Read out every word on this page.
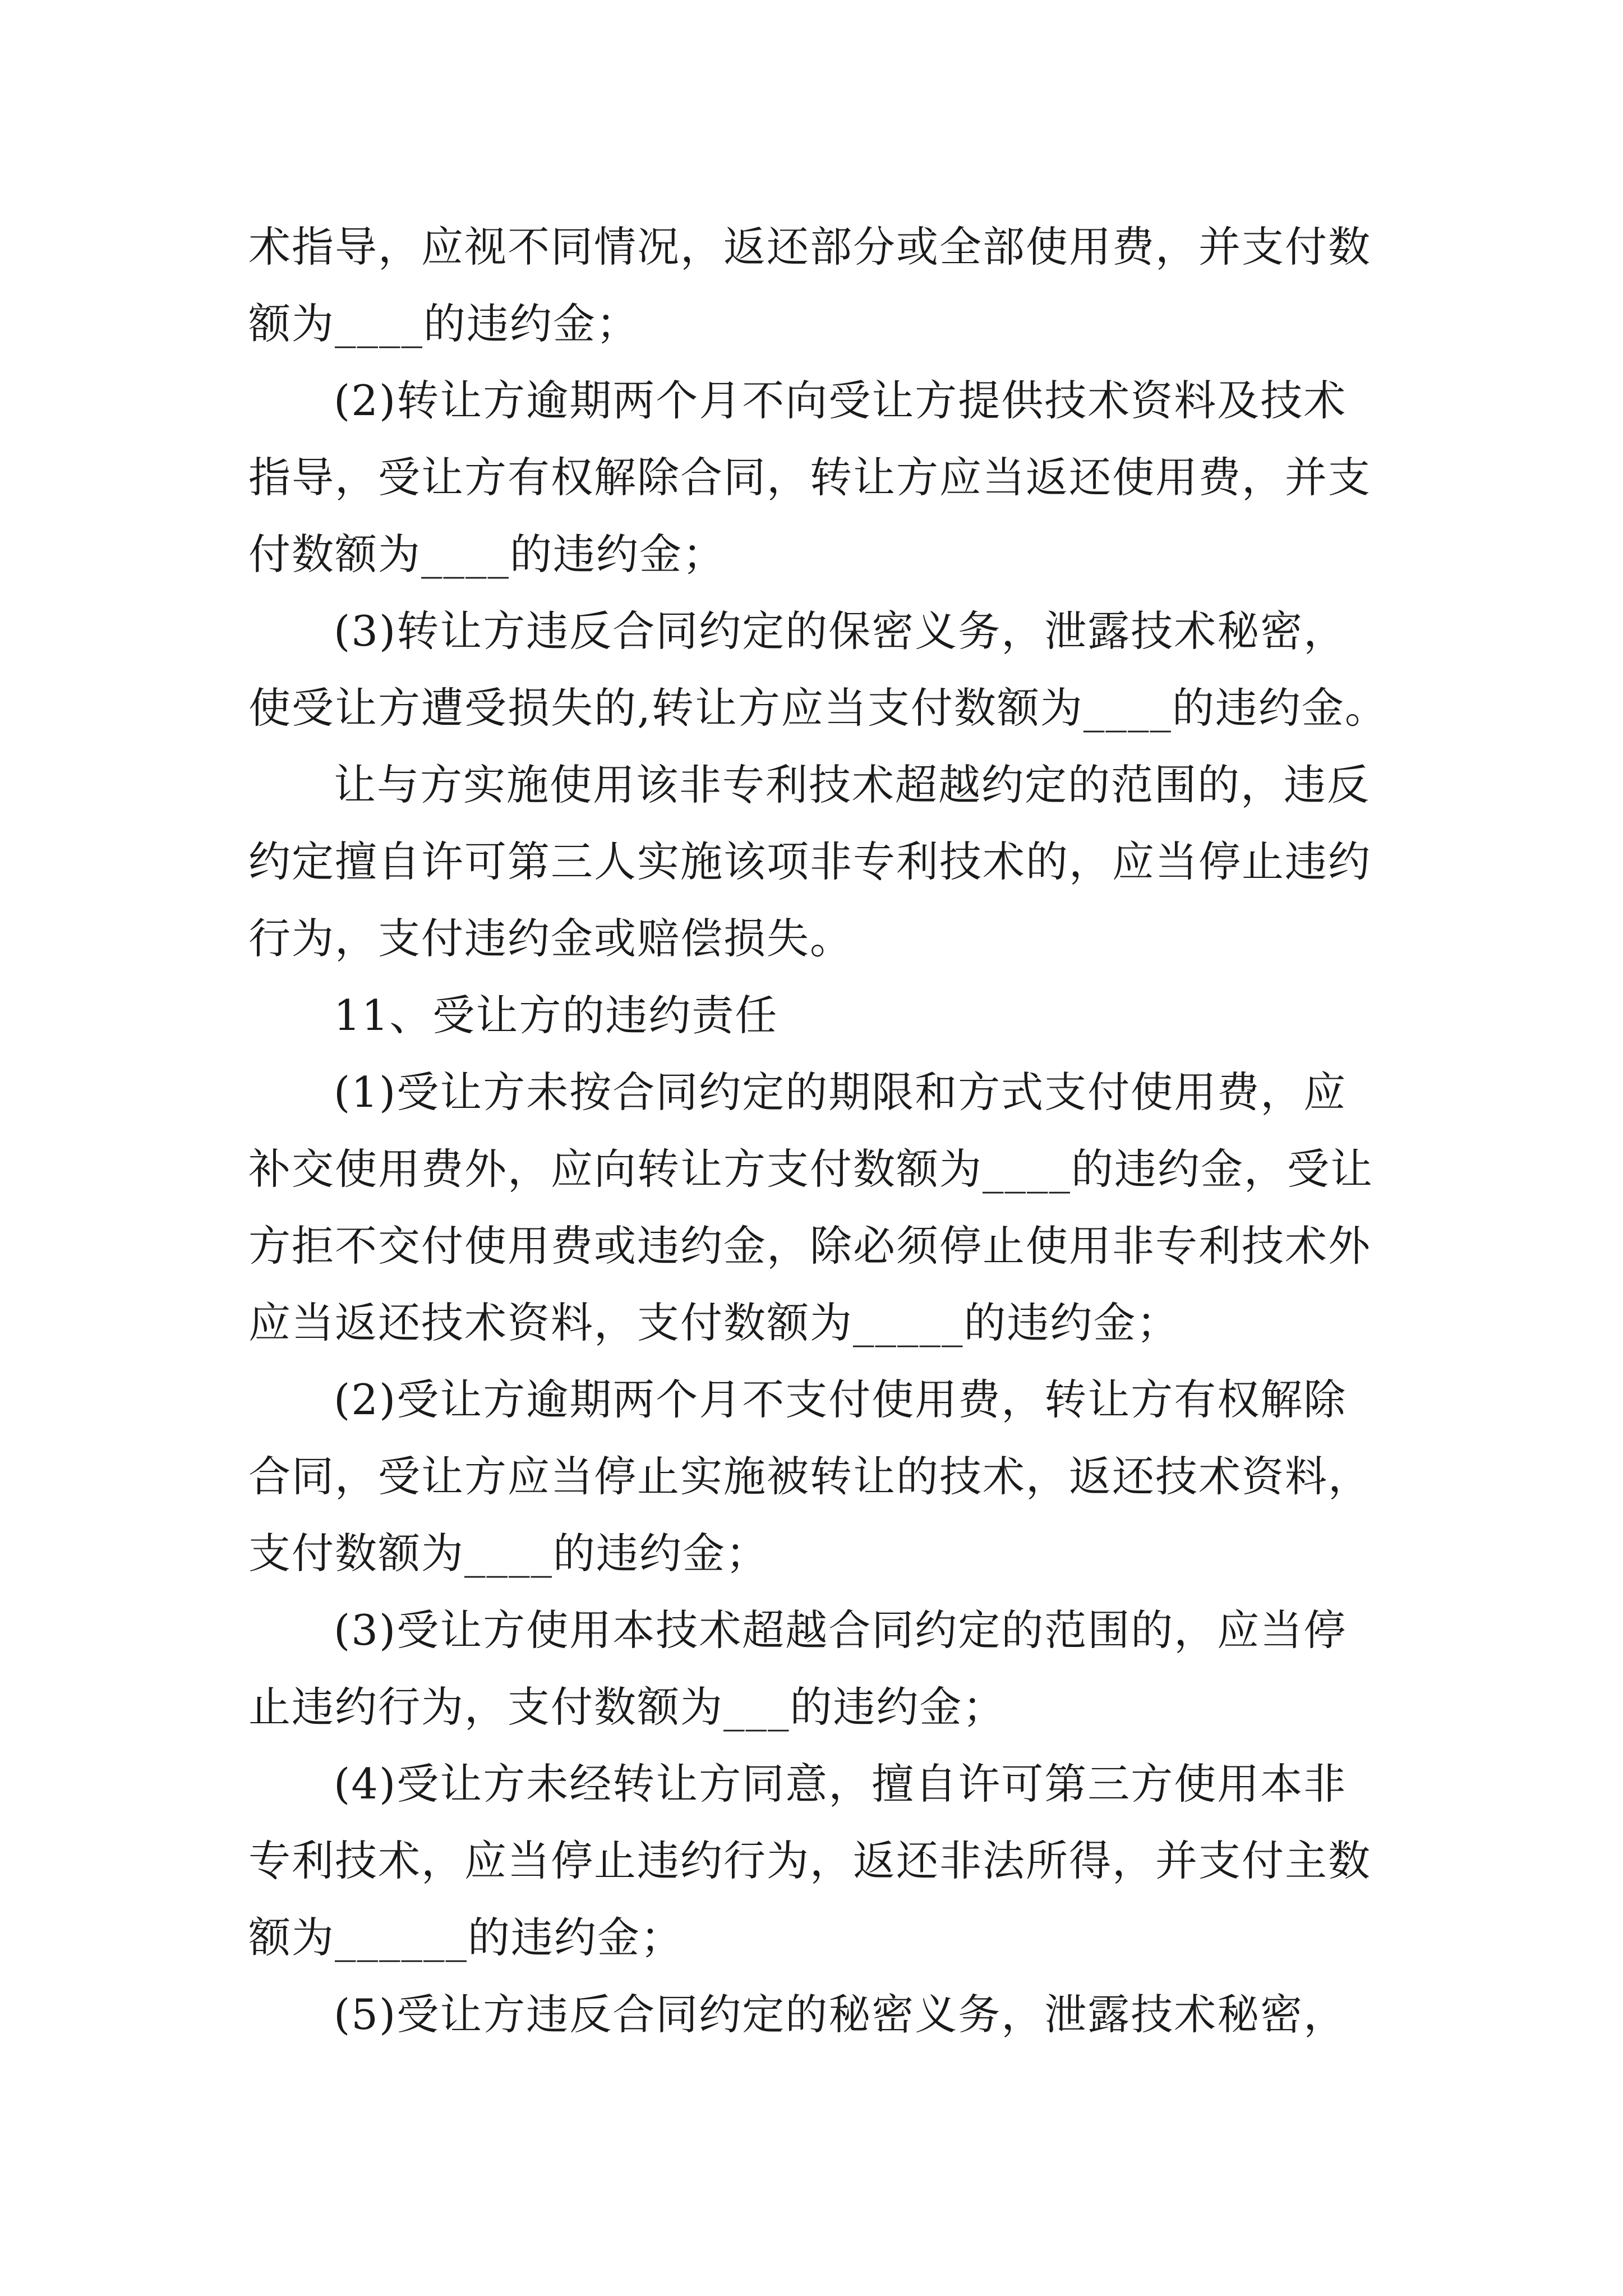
术指导，应视不同情况，返还部分或全部使用费，并支付数
额为____的违约金；
(2)转让方逾期两个月不向受让方提供技术资料及技术
指导，受让方有权解除合同，转让方应当返还使用费，并支
付数额为____的违约金；
(3)转让方违反合同约定的保密义务，泄露技术秘密，
使受让方遭受损失的,转让方应当支付数额为____的违约金。
让与方实施使用该非专利技术超越约定的范围的，违反
约定擅自许可第三人实施该项非专利技术的，应当停止违约
行为，支付违约金或赔偿损失。
11、受让方的违约责任
(1)受让方未按合同约定的期限和方式支付使用费，应
补交使用费外，应向转让方支付数额为____的违约金，受让
方拒不交付使用费或违约金，除必须停止使用非专利技术外
应当返还技术资料，支付数额为_____的违约金；
(2)受让方逾期两个月不支付使用费，转让方有权解除
合同，受让方应当停止实施被转让的技术，返还技术资料，
支付数额为____的违约金；
(3)受让方使用本技术超越合同约定的范围的，应当停
止违约行为，支付数额为___的违约金；
(4)受让方未经转让方同意，擅自许可第三方使用本非
专利技术，应当停止违约行为，返还非法所得，并支付主数
额为______的违约金；
(5)受让方违反合同约定的秘密义务，泄露技术秘密，
